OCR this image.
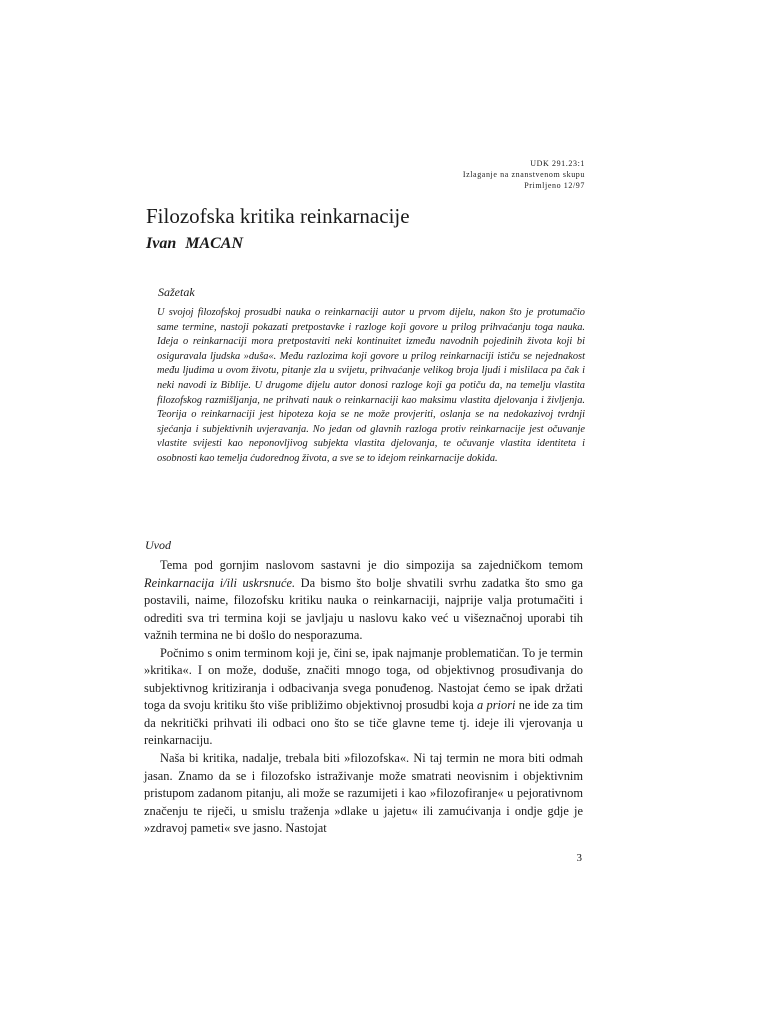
UDK 291.23:1
Izlaganje na znanstvenom skupu
Primljeno 12/97
Filozofska kritika reinkarnacije
Ivan MACAN
Sažetak

U svojoj filozofskoj prosudbi nauka o reinkarnaciji autor u prvom dijelu, nakon što je protumačio same termine, nastoji pokazati pretpostavke i razloge koji govore u prilog prihvaćanju toga nauka. Ideja o reinkarnaciji mora pretpostaviti neki kontinuitet između navodnih pojedinih života koji bi osiguravala ljudska »duša«. Među razlozima koji govore u prilog reinkarnaciji ističu se nejednakost među ljudima u ovom životu, pitanje zla u svijetu, prihvaćanje velikog broja ljudi i mislilaca pa čak i neki navodi iz Biblije. U drugome dijelu autor donosi razloge koji ga potiču da, na temelju vlastita filozofskog razmišljanja, ne prihvati nauk o reinkarnaciji kao maksimu vlastita djelovanja i življenja. Teorija o reinkarnaciji jest hipoteza koja se ne može provjeriti, oslanja se na nedokazivoj tvrdnji sjećanja i subjektivnih uvjeravanja. No jedan od glavnih razloga protiv reinkarnacije jest očuvanje vlastite svijesti kao neponovljivog subjekta vlastita djelovanja, te očuvanje vlastita identiteta i osobnosti kao temelja ćudorednog života, a sve se to idejom reinkarnacije dokida.

Uvod

Tema pod gornjim naslovom sastavni je dio simpozija sa zajedničkom temom Reinkarnacija i/ili uskrsnuće. Da bismo što bolje shvatili svrhu zadatka što smo ga postavili, naime, filozofsku kritiku nauka o reinkarnaciji, najprije valja protumačiti i odrediti sva tri termina koji se javljaju u naslovu kako već u višeznačnoj uporabi tih važnih termina ne bi došlo do nesporazuma.

Počnimo s onim terminom koji je, čini se, ipak najmanje problematičan. To je termin »kritika«. I on može, doduše, značiti mnogo toga, od objektivnog prosuđivanja do subjektivnog kritiziranja i odbacivanja svega ponuđenog. Nastojat ćemo se ipak držati toga da svoju kritiku što više približimo objektivnoj prosudbi koja a priori ne ide za tim da nekritički prihvati ili odbaci ono što se tiče glavne teme tj. ideje ili vjerovanja u reinkarnaciju.

Naša bi kritika, nadalje, trebala biti »filozofska«. Ni taj termin ne mora biti odmah jasan. Znamo da se i filozofsko istraživanje može smatrati neovisnim i objektivnim pristupom zadanom pitanju, ali može se razumijeti i kao »filozofiranje« u pejorativnom značenju te riječi, u smislu traženja »dlake u jajetu« ili zamućivanja i ondje gdje je »zdravoj pameti« sve jasno. Nastojat

3
